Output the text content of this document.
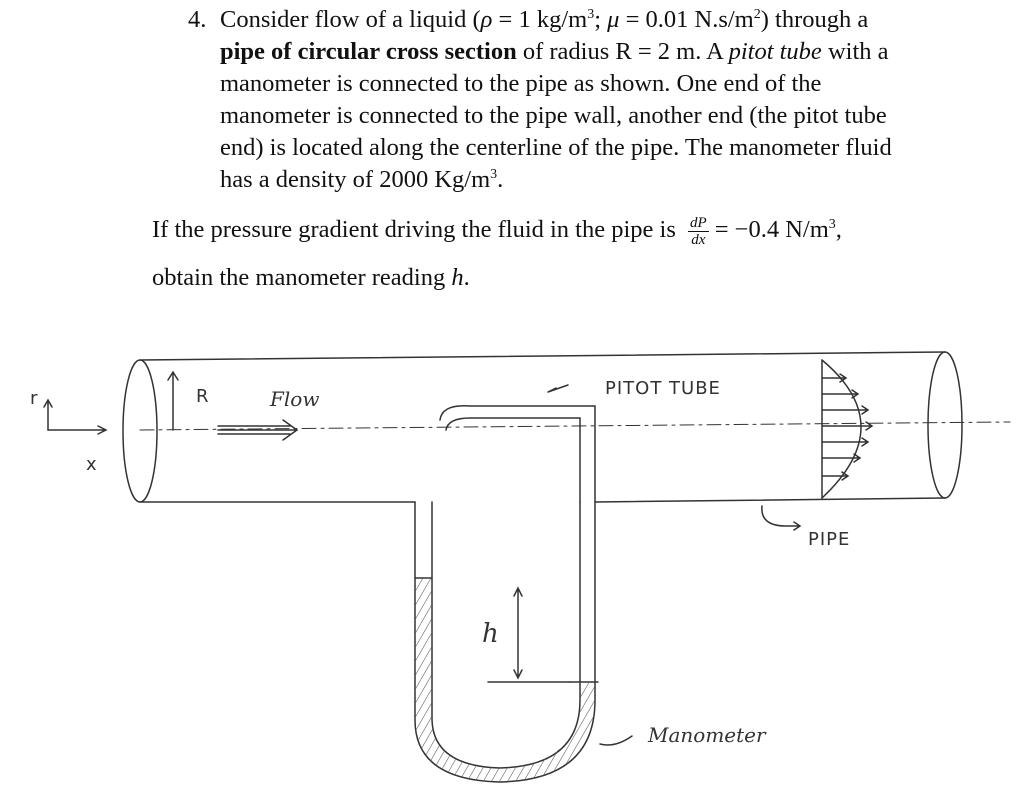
4. Consider flow of a liquid (ρ = 1 $kg/m^3$; μ = 0.01 $N.s/m^2$) through a

pipe of circular cross section of radius R = 2 m. A pitot tube with a

manometer is connected to the pipe as shown. One end of the

manometer is connected to the pipe wall, another end (the pitot tube

end) is located along the centerline of the pipe. The manometer fluid

has a density of 2000 $Kg/m^3$.

If the pressure gradient driving the fluid in the pipe is $\frac{dP}{dx} = -0.4$ $N/m^3$,
obtain the manometer reading h.
r
x
R	Flow	PITOT TUBE
PIPE
h
Manometer
